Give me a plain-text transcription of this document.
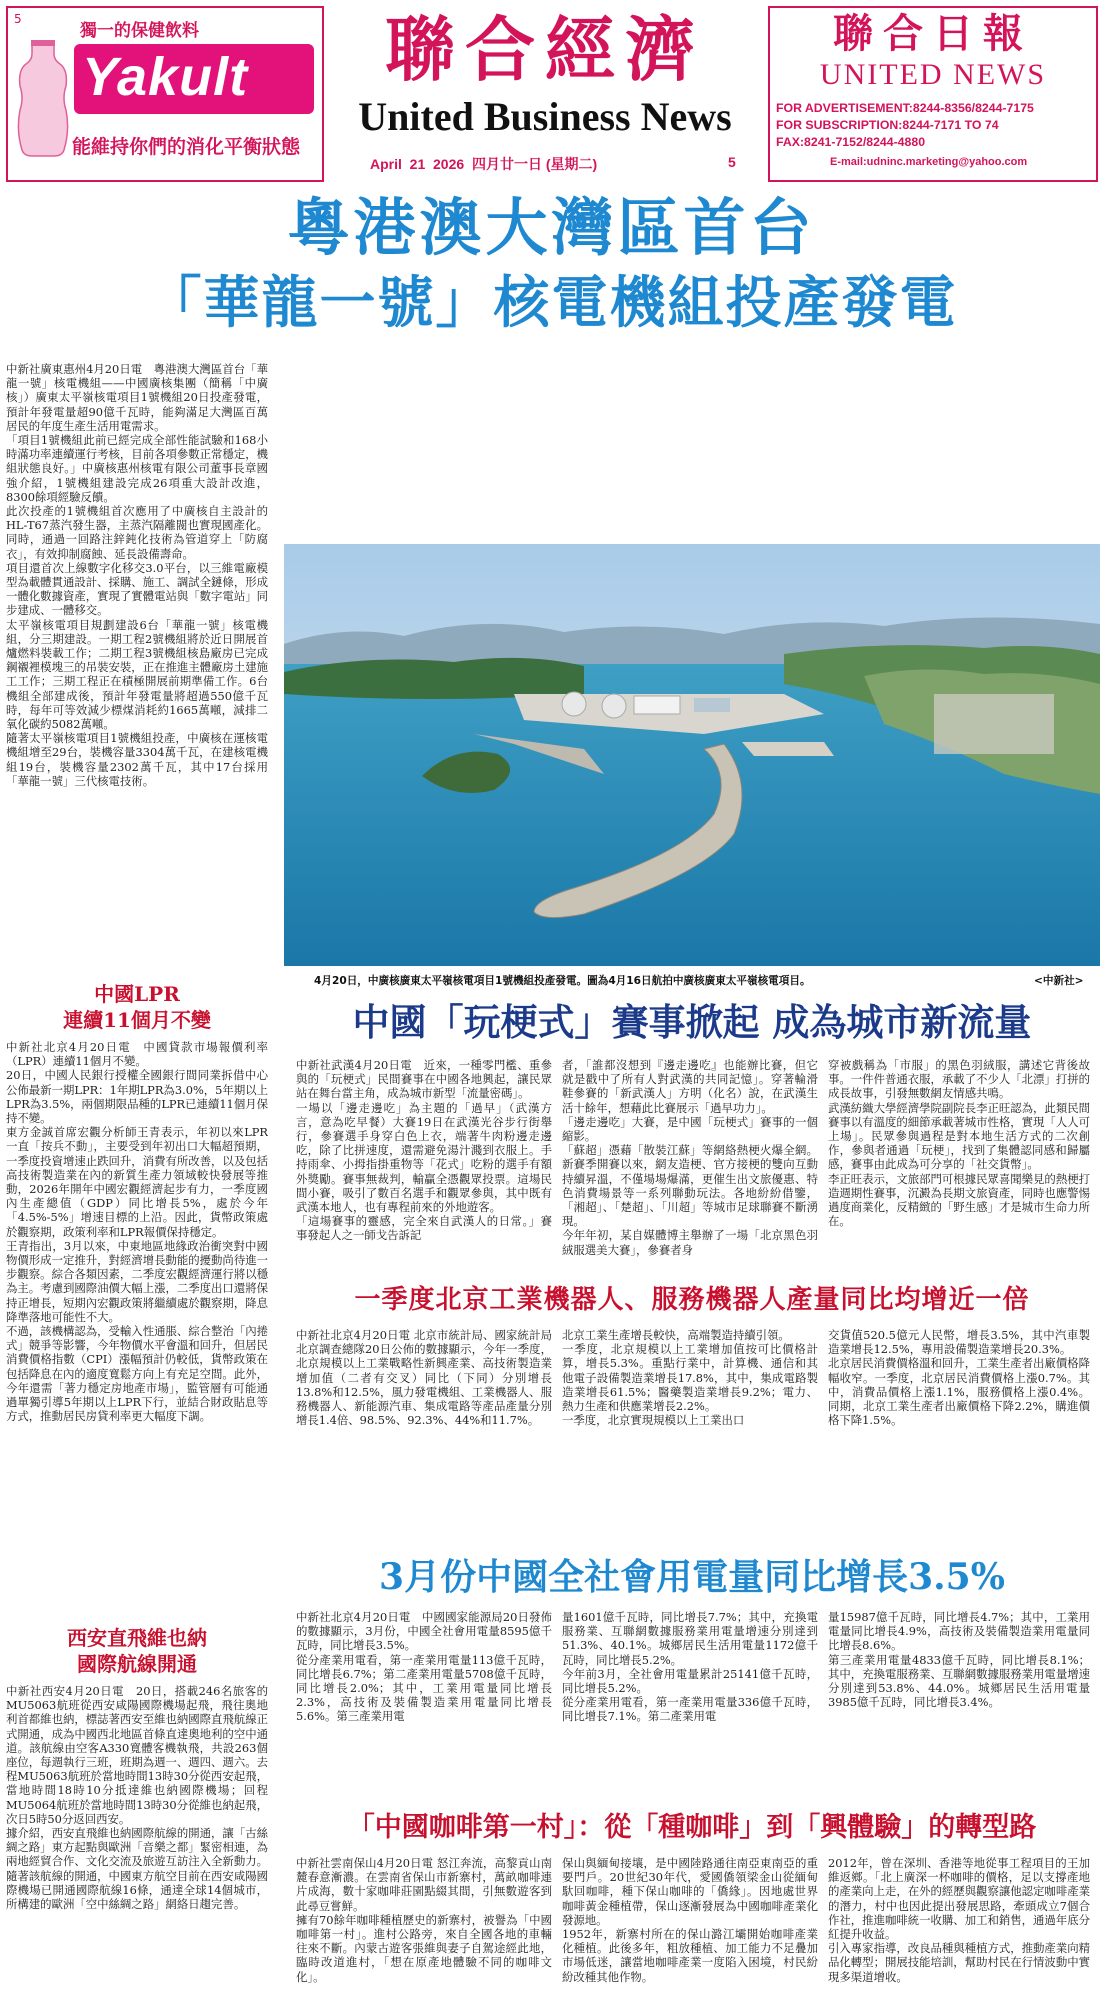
5
獨一的保健飲料
Yakult	®
能維持你們的消化平衡狀態
聯合經濟
United Business News
April  21  2026  四月廿一日 (星期二)	5
聯合日報
UNITED NEWS
FOR ADVERTISEMENT:8244-8356/8244-7175
FOR SUBSCRIPTION:8244-7171 TO 74
FAX:8241-7152/8244-4880
E-mail:udninc.marketing@yahoo.com
粵港澳大灣區首台
「華龍一號」核電機組投產發電
中新社廣東惠州4月20日電　粵港澳大灣區首台「華龍一號」核電機組——中國廣核集團（簡稱「中廣核」）廣東太平嶺核電項目1號機組20日投產發電，預計年發電量超90億千瓦時，能夠滿足大灣區百萬居民的年度生產生活用電需求。
「項目1號機組此前已經完成全部性能試驗和168小時滿功率連續運行考核，目前各項參數正常穩定，機組狀態良好。」中廣核惠州核電有限公司董事長章國強介紹，1號機組建設完成26項重大設計改進，8300餘項經驗反饋。
此次投產的1號機組首次應用了中廣核自主設計的HL-T67蒸汽發生器，主蒸汽隔離閥也實現國產化。同時，通過一回路注鋅鈍化技術為管道穿上「防腐衣」，有效抑制腐蝕、延長設備壽命。
項目還首次上線數字化移交3.0平台，以三維電廠模型為載體貫通設計、採購、施工、調試全鏈條，形成一體化數據資產，實現了實體電站與「數字電站」同步建成、一體移交。
太平嶺核電項目規劃建設6台「華龍一號」核電機組，分三期建設。一期工程2號機組將於近日開展首爐燃料裝載工作；二期工程3號機組核島廠房已完成鋼襯裡模塊三的吊裝安裝，正在推進主體廠房土建施工工作；三期工程正在積極開展前期準備工作。6台機組全部建成後，預計年發電量將超過550億千瓦時，每年可等效減少標煤消耗約1665萬噸，減排二氧化碳約5082萬噸。
隨著太平嶺核電項目1號機組投產，中廣核在運核電機組增至29台，裝機容量3304萬千瓦，在建核電機組19台，裝機容量2302萬千瓦，其中17台採用「華龍一號」三代核電技術。
4月20日，中廣核廣東太平嶺核電項目1號機組投產發電。圖為4月16日航拍中廣核廣東太平嶺核電項目。	<中新社>
中國LPR
連續11個月不變
中新社北京4月20日電　中國貸款市場報價利率（LPR）連續11個月不變。
20日，中國人民銀行授權全國銀行間同業拆借中心公佈最新一期LPR：1年期LPR為3.0%，5年期以上LPR為3.5%，兩個期限品種的LPR已連續11個月保持不變。
東方金誠首席宏觀分析師王青表示，年初以來LPR一直「按兵不動」，主要受到年初出口大幅超預期，一季度投資增速止跌回升，消費有所改善，以及包括高技術製造業在內的新質生產力領域較快發展等推動，2026年開年中國宏觀經濟起步有力，一季度國內生產總值（GDP）同比增長5%，處於今年「4.5%-5%」增速目標的上沿。因此，貨幣政策處於觀察期，政策利率和LPR報價保持穩定。
王青指出，3月以來，中東地區地緣政治衝突對中國物價形成一定推升，對經濟增長動能的擾動尚待進一步觀察。綜合各類因素，二季度宏觀經濟運行將以穩為主。考慮到國際油價大幅上漲，二季度出口還將保持正增長，短期內宏觀政策將繼續處於觀察期，降息降準落地可能性不大。
不過，該機構認為，受輸入性通脹、綜合整治「內捲式」競爭等影響，今年物價水平會溫和回升，但居民消費價格指數（CPI）漲幅預計仍較低，貨幣政策在包括降息在內的適度寬鬆方向上有充足空間。此外，今年還需「著力穩定房地產市場」，監管層有可能通過單獨引導5年期以上LPR下行，並結合財政貼息等方式，推動居民房貸利率更大幅度下調。
西安直飛維也納
國際航線開通
中新社西安4月20日電　20日，搭載246名旅客的MU5063航班從西安咸陽國際機場起飛，飛往奧地利首都維也納，標誌著西安至維也納國際直飛航線正式開通，成為中國西北地區首條直達奧地利的空中通道。該航線由空客A330寬體客機執飛，共設263個座位，每週執行三班，班期為週一、週四、週六。去程MU5063航班於當地時間13時30分從西安起飛，當地時間18時10分抵達維也納國際機場；回程MU5064航班於當地時間13時30分從維也納起飛，次日5時50分返回西安。
據介紹，西安直飛維也納國際航線的開通，讓「古絲綢之路」東方起點與歐洲「音樂之都」緊密相連，為兩地經貿合作、文化交流及旅遊互訪注入全新動力。
隨著該航線的開通，中國東方航空目前在西安咸陽國際機場已開通國際航線16條，通達全球14個城市，所構建的歐洲「空中絲綢之路」網絡日趨完善。
中國「玩梗式」賽事掀起 成為城市新流量
中新社武漢4月20日電　近來，一種零門檻、重參與的「玩梗式」民間賽事在中國各地興起，讓民眾站在舞台當主角，成為城市新型「流量密碼」。
一場以「邊走邊吃」為主題的「過早」（武漢方言，意為吃早餐）大賽19日在武漢光谷步行街舉行，參賽選手身穿白色上衣，端著牛肉粉邊走邊吃，除了比拼速度，還需避免湯汁濺到衣服上。手持雨傘、小拇指掛重物等「花式」吃粉的選手有額外獎勵。賽事無裁判，輸贏全憑觀眾投票。這場民間小賽，吸引了數百名選手和觀眾參與，其中既有武漢本地人，也有專程前來的外地遊客。
「這場賽事的靈感，完全來自武漢人的日常。」賽事發起人之一師戈告訴記
者，「誰都沒想到『邊走邊吃』也能辦比賽，但它就是戳中了所有人對武漢的共同記憶」。穿著輪滑鞋參賽的「新武漢人」方明（化名）說，在武漢生活十餘年，想藉此比賽展示「過早功力」。
「邊走邊吃」大賽，是中國「玩梗式」賽事的一個縮影。
「蘇超」憑藉「散裝江蘇」等網絡熱梗火爆全網。新賽季開賽以來，網友造梗、官方接梗的雙向互動持續昇溫，不僅場場爆滿，更催生出文旅優惠、特色消費場景等一系列聯動玩法。各地紛紛借鑒，「湘超」、「楚超」、「川超」等城市足球聯賽不斷湧現。
今年年初，某自媒體博主舉辦了一場「北京黑色羽絨服選美大賽」，參賽者身
穿被戲稱為「市服」的黑色羽絨服，講述它背後故事。一件件普通衣服，承載了不少人「北漂」打拼的成長故事，引發無數網友情感共鳴。
武漢紡織大學經濟學院副院長李正旺認為，此類民間賽事以有溫度的細節承載著城市性格，實現「人人可上場」。民眾參與過程是對本地生活方式的二次創作，參與者通過「玩梗」，找到了集體認同感和歸屬感，賽事由此成為可分享的「社交貨幣」。
李正旺表示，文旅部門可根據民眾喜聞樂見的熱梗打造週期性賽事，沉澱為長期文旅資產，同時也應警惕過度商業化，反精緻的「野生感」才是城市生命力所在。
一季度北京工業機器人、服務機器人產量同比均增近一倍
中新社北京4月20日電 北京市統計局、國家統計局北京調查總隊20日公佈的數據顯示，今年一季度，北京規模以上工業戰略性新興產業、高技術製造業增加值（二者有交叉）同比（下同）分別增長13.8%和12.5%，風力發電機組、工業機器人、服務機器人、新能源汽車、集成電路等產品產量分別增長1.4倍、98.5%、92.3%、44%和11.7%。
北京工業生產增長較快，高端製造持續引領。
一季度，北京規模以上工業增加值按可比價格計算，增長5.3%。重點行業中，計算機、通信和其他電子設備製造業增長17.8%，其中，集成電路製造業增長61.5%；醫藥製造業增長9.2%；電力、熱力生產和供應業增長2.2%。
一季度，北京實現規模以上工業出口
交貨值520.5億元人民幣，增長3.5%，其中汽車製造業增長12.5%，專用設備製造業增長20.3%。
北京居民消費價格溫和回升，工業生產者出廠價格降幅收窄。一季度，北京居民消費價格上漲0.7%。其中，消費品價格上漲1.1%，服務價格上漲0.4%。同期，北京工業生產者出廠價格下降2.2%，購進價格下降1.5%。
3月份中國全社會用電量同比增長3.5%
中新社北京4月20日電　中國國家能源局20日發佈的數據顯示，3月份，中國全社會用電量8595億千瓦時，同比增長3.5%。
從分產業用電看，第一產業用電量113億千瓦時，同比增長6.7%；第二產業用電量5708億千瓦時，同比增長2.0%；其中，工業用電量同比增長2.3%，高技術及裝備製造業用電量同比增長5.6%。第三產業用電
量1601億千瓦時，同比增長7.7%；其中，充換電服務業、互聯網數據服務業用電量增速分別達到51.3%、40.1%。城鄉居民生活用電量1172億千瓦時，同比增長5.2%。
今年前3月，全社會用電量累計25141億千瓦時，同比增長5.2%。
從分產業用電看，第一產業用電量336億千瓦時，同比增長7.1%。第二產業用電
量15987億千瓦時，同比增長4.7%；其中，工業用電量同比增長4.9%，高技術及裝備製造業用電量同比增長8.6%。
第三產業用電量4833億千瓦時，同比增長8.1%；其中，充換電服務業、互聯網數據服務業用電量增速分別達到53.8%、44.0%。城鄉居民生活用電量3985億千瓦時，同比增長3.4%。
「中國咖啡第一村」：從「種咖啡」到「興體驗」的轉型路
中新社雲南保山4月20日電 怒江奔流，高黎貢山南麓春意漸濃。在雲南省保山市新寨村，萬畝咖啡連片成海，數十家咖啡莊園點綴其間，引無數遊客到此尋豆嘗鮮。
擁有70餘年咖啡種植歷史的新寨村，被譽為「中國咖啡第一村」。進村公路旁，來自全國各地的車輛往來不斷。內蒙古遊客張維與妻子自駕途經此地，臨時改道進村，「想在原產地體驗不同的咖啡文化」。
保山與緬甸接壤，是中國陸路通往南亞東南亞的重要門戶。20世紀30年代，愛國僑領梁金山從緬甸馱回咖啡，種下保山咖啡的「僑緣」。因地處世界咖啡黃金種植帶，保山逐漸發展為中國咖啡產業化發源地。
1952年，新寨村所在的保山潞江壩開始咖啡產業化種植。此後多年，粗放種植、加工能力不足疊加市場低迷，讓當地咖啡產業一度陷入困境，村民紛紛改種其他作物。
2012年，曾在深圳、香港等地從事工程項目的王加維返鄉。「北上廣深一杯咖啡的價格，足以支撐產地的產業向上走，在外的經歷與觀察讓他認定咖啡產業的潛力，村中也因此提出發展思路，牽頭成立7個合作社，推進咖啡統一收購、加工和銷售，通過年底分紅提升收益。
引入專家指導，改良品種與種植方式，推動產業向精品化轉型；開展技能培訓，幫助村民在行情波動中實現多渠道增收。
